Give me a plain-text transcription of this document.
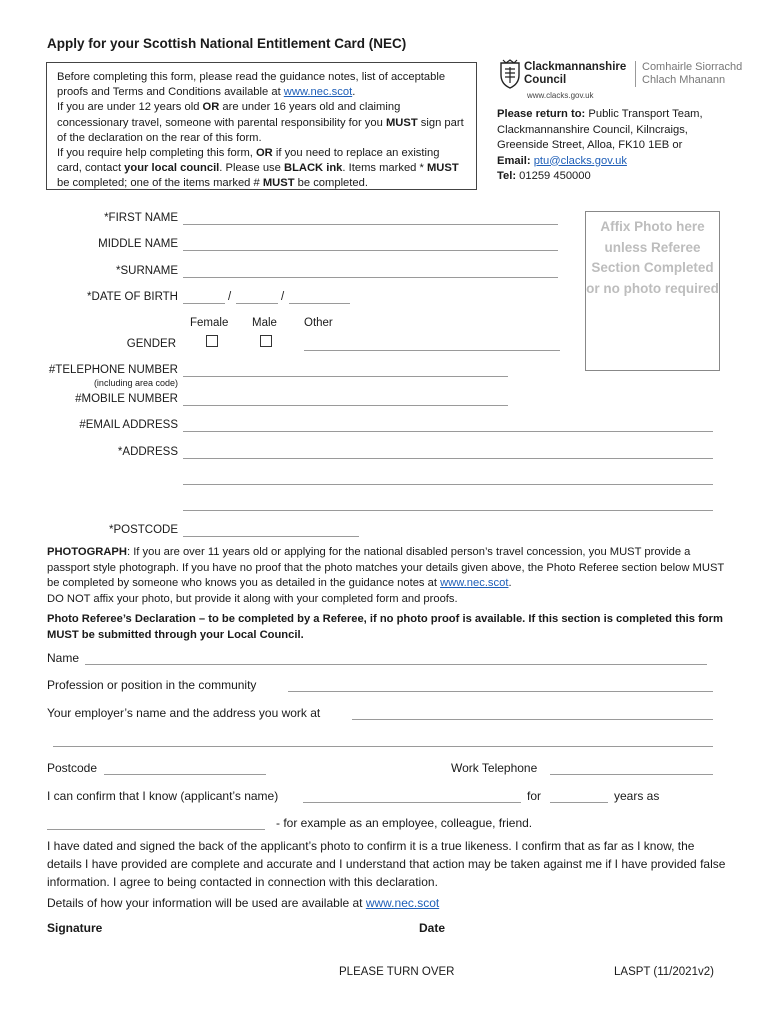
Apply for your Scottish National Entitlement Card (NEC)

Before completing this form, please read the guidance notes, list of acceptable proofs and Terms and Conditions available at www.nec.scot.

If you are under 12 years old OR are under 16 years old and claiming concessionary travel, someone with parental responsibility for you MUST sign part of the declaration on the rear of this form.

If you require help completing this form, OR if you need to replace an existing card, contact your local council. Please use BLACK ink. Items marked * MUST be completed; one of the items marked # MUST be completed.

Clackmannanshire
Council
Comhairle Siorrachd
Chlach Mhanann
www.clacks.gov.uk

Please return to: Public Transport Team,

Clackmannanshire Council, Kilncraigs,

Greenside Street, Alloa, FK10 1EB or

Email: ptu@clacks.gov.uk

Tel: 01259 450000

*FIRST NAME
MIDDLE NAME
*SURNAME
*DATE OF BIRTH	/	/
Female Male Other
GENDER
Affix Photo here unless Referee Section Completed or no photo required
#TELEPHONE NUMBER
(including area code)
#MOBILE NUMBER
#EMAIL ADDRESS
*ADDRESS
*POSTCODE

PHOTOGRAPH: If you are over 11 years old or applying for the national disabled person’s travel concession, you MUST provide a passport style photograph. If you have no proof that the photo matches your details given above, the Photo Referee section below MUST be completed by someone who knows you as detailed in the guidance notes at www.nec.scot.

DO NOT affix your photo, but provide it along with your completed form and proofs.

Photo Referee’s Declaration – to be completed by a Referee, if no photo proof is available. If this section is completed this form MUST be submitted through your Local Council.
Name
Profession or position in the community
Your employer’s name and the address you work at
Postcode	Work Telephone
I can confirm that I know (applicant’s name)	for	years as
- for example as an employee, colleague, friend.
I have dated and signed the back of the applicant’s photo to confirm it is a true likeness. I confirm that as far as I know, the details I have provided are complete and accurate and I understand that action may be taken against me if I have provided false information. I agree to being contacted in connection with this declaration.
Details of how your information will be used are available at www.nec.scot
Signature	Date
PLEASE TURN OVER	LASPT (11/2021v2)
